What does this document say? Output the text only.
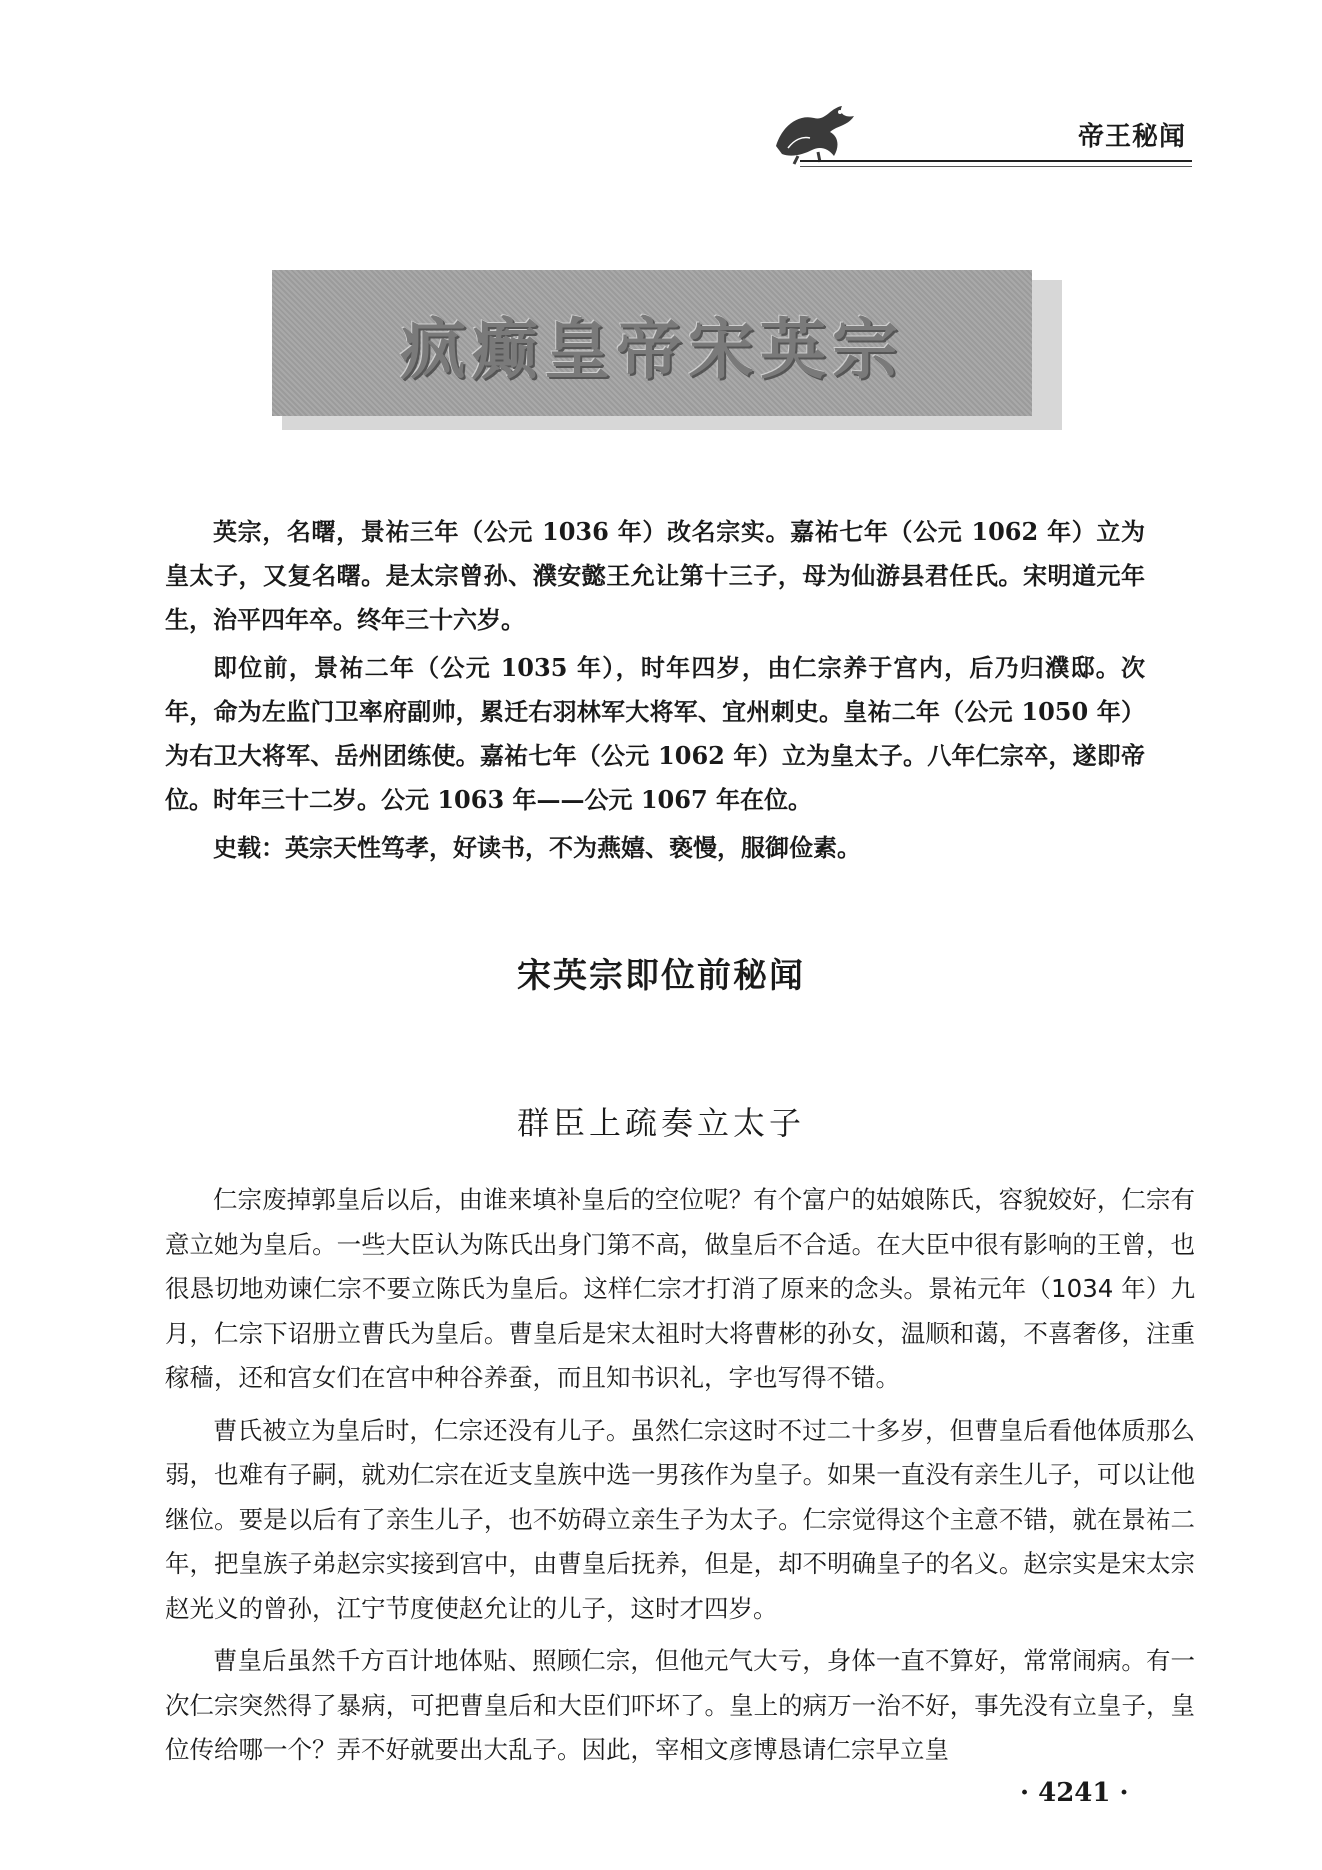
帝王秘闻
疯癫皇帝宋英宗

英宗，名曙，景祐三年（公元 1036 年）改名宗实。嘉祐七年（公元 1062 年）立为皇太子，又复名曙。是太宗曾孙、濮安懿王允让第十三子，母为仙游县君任氏。宋明道元年生，治平四年卒。终年三十六岁。

即位前，景祐二年（公元 1035 年），时年四岁，由仁宗养于宫内，后乃归濮邸。次年，命为左监门卫率府副帅，累迁右羽林军大将军、宜州刺史。皇祐二年（公元 1050 年）为右卫大将军、岳州团练使。嘉祐七年（公元 1062 年）立为皇太子。八年仁宗卒，遂即帝位。时年三十二岁。公元 1063 年——公元 1067 年在位。

史载：英宗天性笃孝，好读书，不为燕嬉、亵慢，服御俭素。

宋英宗即位前秘闻
群臣上疏奏立太子

仁宗废掉郭皇后以后，由谁来填补皇后的空位呢？有个富户的姑娘陈氏，容貌姣好，仁宗有意立她为皇后。一些大臣认为陈氏出身门第不高，做皇后不合适。在大臣中很有影响的王曾，也很恳切地劝谏仁宗不要立陈氏为皇后。这样仁宗才打消了原来的念头。景祐元年（1034 年）九月，仁宗下诏册立曹氏为皇后。曹皇后是宋太祖时大将曹彬的孙女，温顺和蔼，不喜奢侈，注重稼穑，还和宫女们在宫中种谷养蚕，而且知书识礼，字也写得不错。

曹氏被立为皇后时，仁宗还没有儿子。虽然仁宗这时不过二十多岁，但曹皇后看他体质那么弱，也难有子嗣，就劝仁宗在近支皇族中选一男孩作为皇子。如果一直没有亲生儿子，可以让他继位。要是以后有了亲生儿子，也不妨碍立亲生子为太子。仁宗觉得这个主意不错，就在景祐二年，把皇族子弟赵宗实接到宫中，由曹皇后抚养，但是，却不明确皇子的名义。赵宗实是宋太宗赵光义的曾孙，江宁节度使赵允让的儿子，这时才四岁。

曹皇后虽然千方百计地体贴、照顾仁宗，但他元气大亏，身体一直不算好，常常闹病。有一次仁宗突然得了暴病，可把曹皇后和大臣们吓坏了。皇上的病万一治不好，事先没有立皇子，皇位传给哪一个？弄不好就要出大乱子。因此，宰相文彦博恳请仁宗早立皇

· 4241 ·
